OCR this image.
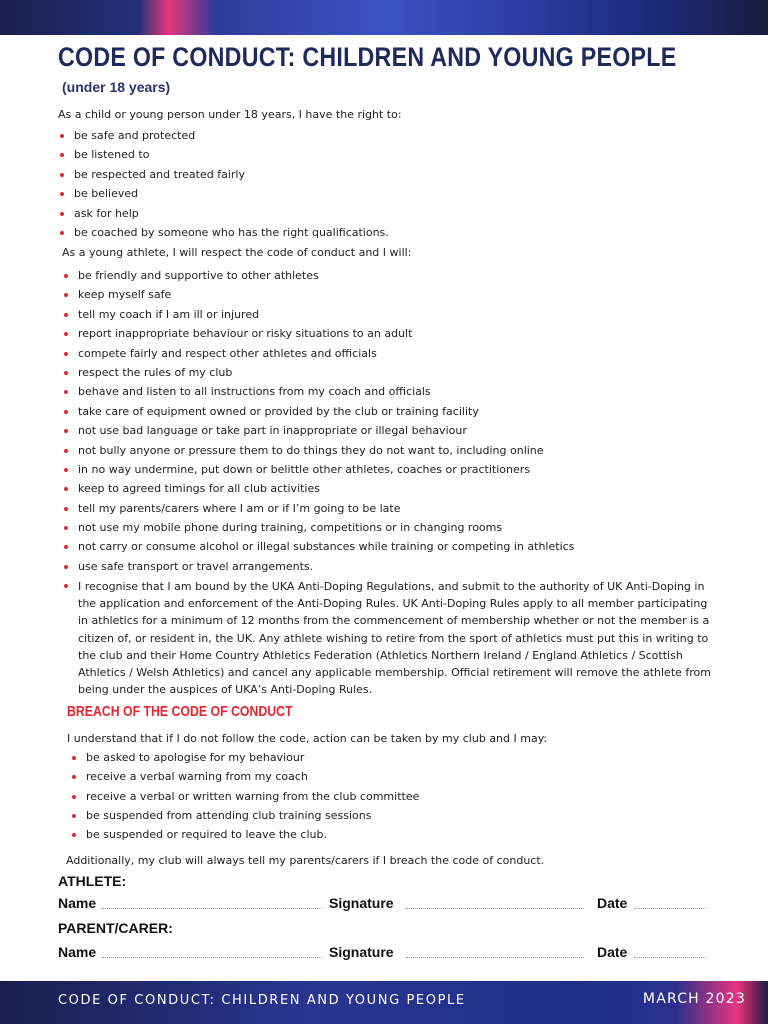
CODE OF CONDUCT: CHILDREN AND YOUNG PEOPLE

(under 18 years)

As a child or young person under 18 years, I have the right to:

be safe and protected
be listened to
be respected and treated fairly
be believed
ask for help
be coached by someone who has the right qualifications.

As a young athlete, I will respect the code of conduct and I will:

be friendly and supportive to other athletes
keep myself safe
tell my coach if I am ill or injured
report inappropriate behaviour or risky situations to an adult
compete fairly and respect other athletes and officials
respect the rules of my club
behave and listen to all instructions from my coach and officials
take care of equipment owned or provided by the club or training facility
not use bad language or take part in inappropriate or illegal behaviour
not bully anyone or pressure them to do things they do not want to, including online
in no way undermine, put down or belittle other athletes, coaches or practitioners
keep to agreed timings for all club activities
tell my parents/carers where I am or if I’m going to be late
not use my mobile phone during training, competitions or in changing rooms
not carry or consume alcohol or illegal substances while training or competing in athletics
use safe transport or travel arrangements.
I recognise that I am bound by the UKA Anti-Doping Regulations, and submit to the authority of UK Anti-Doping in the application and enforcement of the Anti-Doping Rules. UK Anti-Doping Rules apply to all member participating in athletics for a minimum of 12 months from the commencement of membership whether or not the member is a citizen of, or resident in, the UK. Any athlete wishing to retire from the sport of athletics must put this in writing to the club and their Home Country Athletics Federation (Athletics Northern Ireland / England Athletics / Scottish Athletics / Welsh Athletics) and cancel any applicable membership. Official retirement will remove the athlete from being under the auspices of UKA’s Anti-Doping Rules.
BREACH OF THE CODE OF CONDUCT

I understand that if I do not follow the code, action can be taken by my club and I may:

be asked to apologise for my behaviour
receive a verbal warning from my coach
receive a verbal or written warning from the club committee
be suspended from attending club training sessions
be suspended or required to leave the club.

Additionally, my club will always tell my parents/carers if I breach the code of conduct.

ATHLETE:

Name	Signature	Date

PARENT/CARER:

Name	Signature	Date
CODE OF CONDUCT: CHILDREN AND YOUNG PEOPLE	MARCH 2023
